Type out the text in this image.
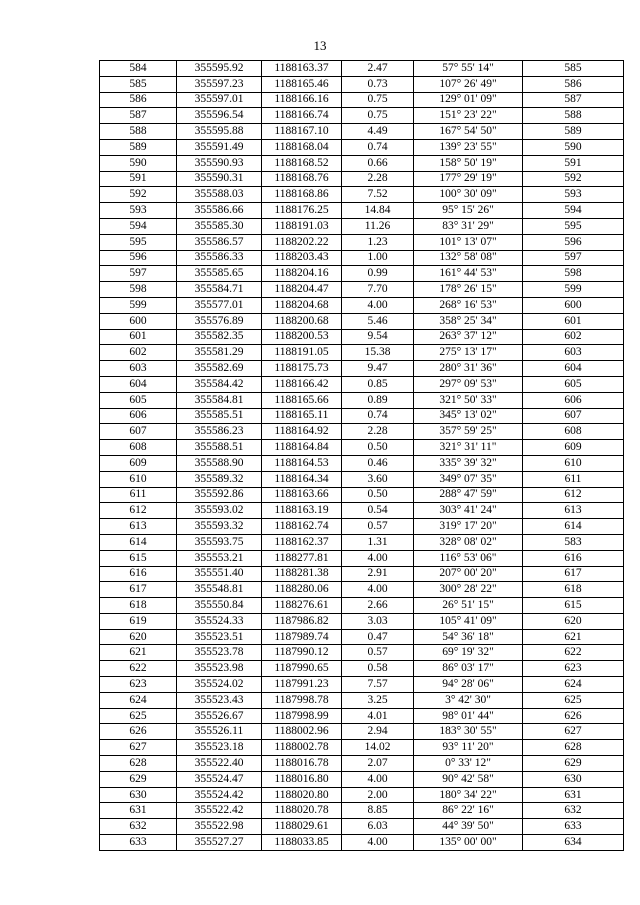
13
584	355595.92	1188163.37	2.47	57° 55' 14"	585
585	355597.23	1188165.46	0.73	107° 26' 49"	586
586	355597.01	1188166.16	0.75	129° 01' 09"	587
587	355596.54	1188166.74	0.75	151° 23' 22"	588
588	355595.88	1188167.10	4.49	167° 54' 50"	589
589	355591.49	1188168.04	0.74	139° 23' 55"	590
590	355590.93	1188168.52	0.66	158° 50' 19"	591
591	355590.31	1188168.76	2.28	177° 29' 19"	592
592	355588.03	1188168.86	7.52	100° 30' 09"	593
593	355586.66	1188176.25	14.84	95° 15' 26"	594
594	355585.30	1188191.03	11.26	83° 31' 29"	595
595	355586.57	1188202.22	1.23	101° 13' 07"	596
596	355586.33	1188203.43	1.00	132° 58' 08"	597
597	355585.65	1188204.16	0.99	161° 44' 53"	598
598	355584.71	1188204.47	7.70	178° 26' 15"	599
599	355577.01	1188204.68	4.00	268° 16' 53"	600
600	355576.89	1188200.68	5.46	358° 25' 34"	601
601	355582.35	1188200.53	9.54	263° 37' 12"	602
602	355581.29	1188191.05	15.38	275° 13' 17"	603
603	355582.69	1188175.73	9.47	280° 31' 36"	604
604	355584.42	1188166.42	0.85	297° 09' 53"	605
605	355584.81	1188165.66	0.89	321° 50' 33"	606
606	355585.51	1188165.11	0.74	345° 13' 02"	607
607	355586.23	1188164.92	2.28	357° 59' 25"	608
608	355588.51	1188164.84	0.50	321° 31' 11"	609
609	355588.90	1188164.53	0.46	335° 39' 32"	610
610	355589.32	1188164.34	3.60	349° 07' 35"	611
611	355592.86	1188163.66	0.50	288° 47' 59"	612
612	355593.02	1188163.19	0.54	303° 41' 24"	613
613	355593.32	1188162.74	0.57	319° 17' 20"	614
614	355593.75	1188162.37	1.31	328° 08' 02"	583
615	355553.21	1188277.81	4.00	116° 53' 06"	616
616	355551.40	1188281.38	2.91	207° 00' 20"	617
617	355548.81	1188280.06	4.00	300° 28' 22"	618
618	355550.84	1188276.61	2.66	26° 51' 15"	615
619	355524.33	1187986.82	3.03	105° 41' 09"	620
620	355523.51	1187989.74	0.47	54° 36' 18"	621
621	355523.78	1187990.12	0.57	69° 19' 32"	622
622	355523.98	1187990.65	0.58	86° 03' 17"	623
623	355524.02	1187991.23	7.57	94° 28' 06"	624
624	355523.43	1187998.78	3.25	3° 42' 30"	625
625	355526.67	1187998.99	4.01	98° 01' 44"	626
626	355526.11	1188002.96	2.94	183° 30' 55"	627
627	355523.18	1188002.78	14.02	93° 11' 20"	628
628	355522.40	1188016.78	2.07	0° 33' 12"	629
629	355524.47	1188016.80	4.00	90° 42' 58"	630
630	355524.42	1188020.80	2.00	180° 34' 22"	631
631	355522.42	1188020.78	8.85	86° 22' 16"	632
632	355522.98	1188029.61	6.03	44° 39' 50"	633
633	355527.27	1188033.85	4.00	135° 00' 00"	634
